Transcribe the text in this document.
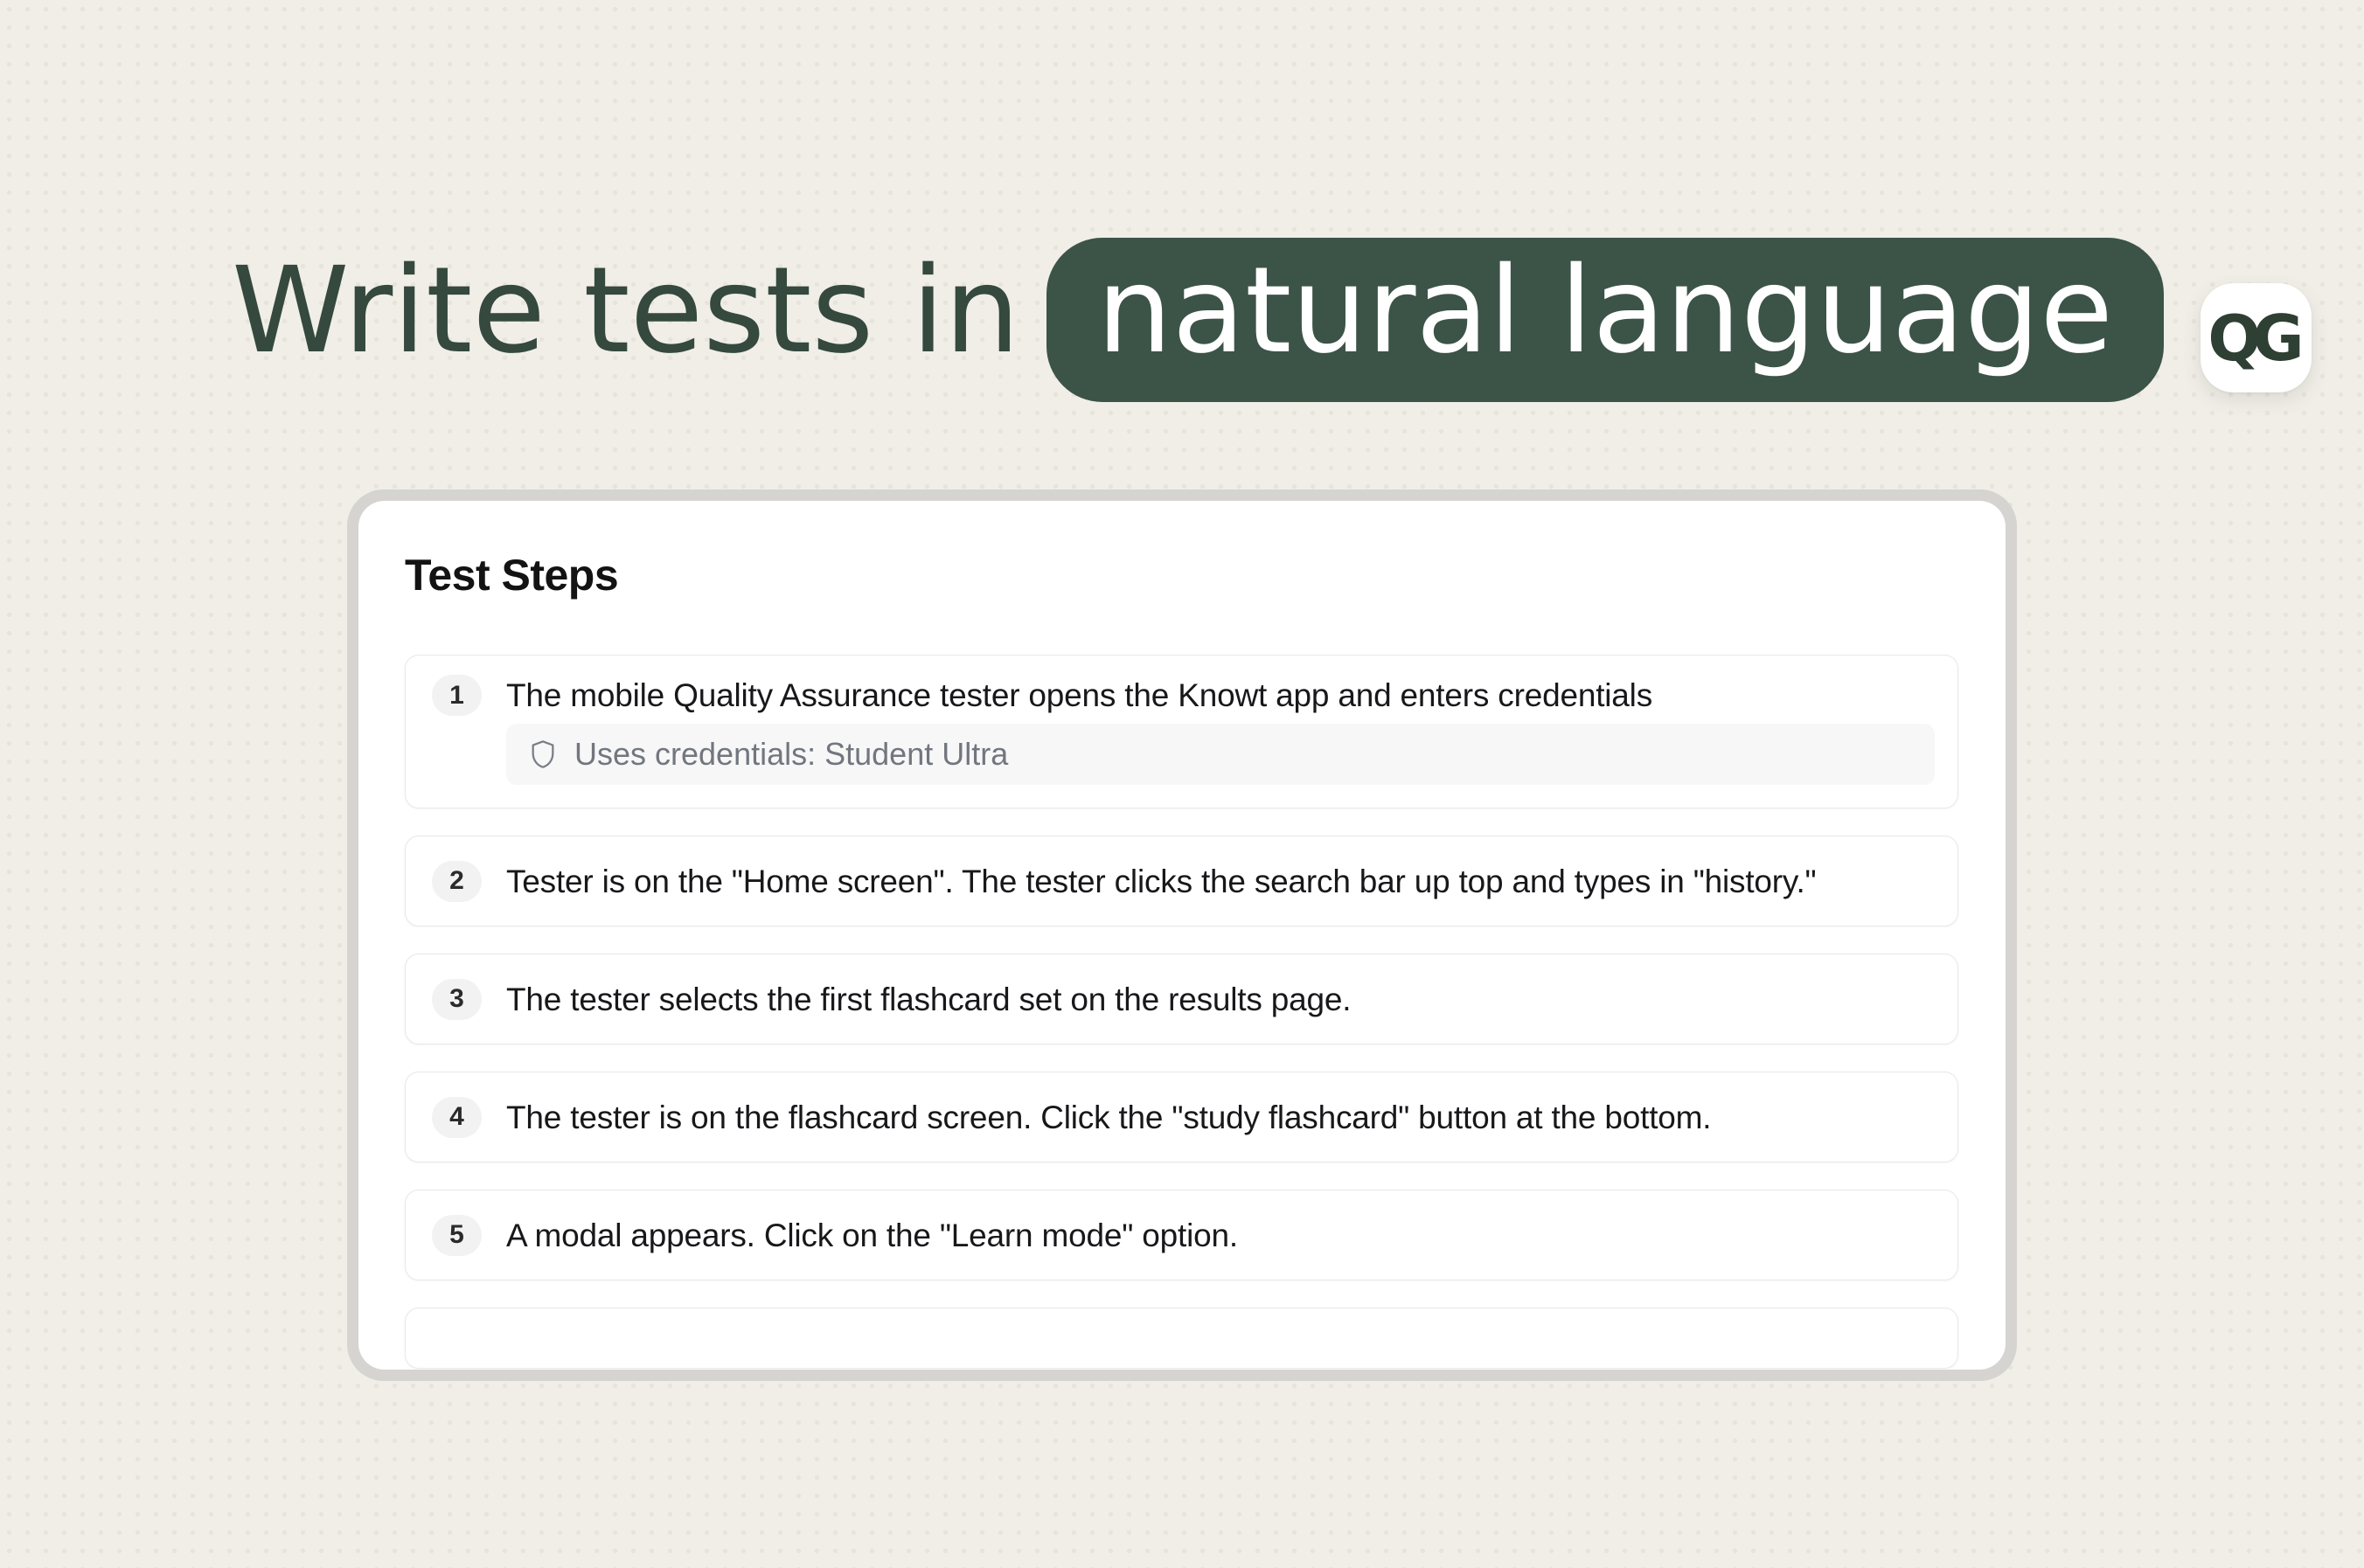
QG
Write tests in natural language
Test Steps
1 The mobile Quality Assurance tester opens the Knowt app and enters credentials
Uses credentials: Student Ultra
2 Tester is on the "Home screen". The tester clicks the search bar up top and types in "history."
3 The tester selects the first flashcard set on the results page.
4 The tester is on the flashcard screen. Click the "study flashcard" button at the bottom.
5 A modal appears. Click on the "Learn mode" option.
